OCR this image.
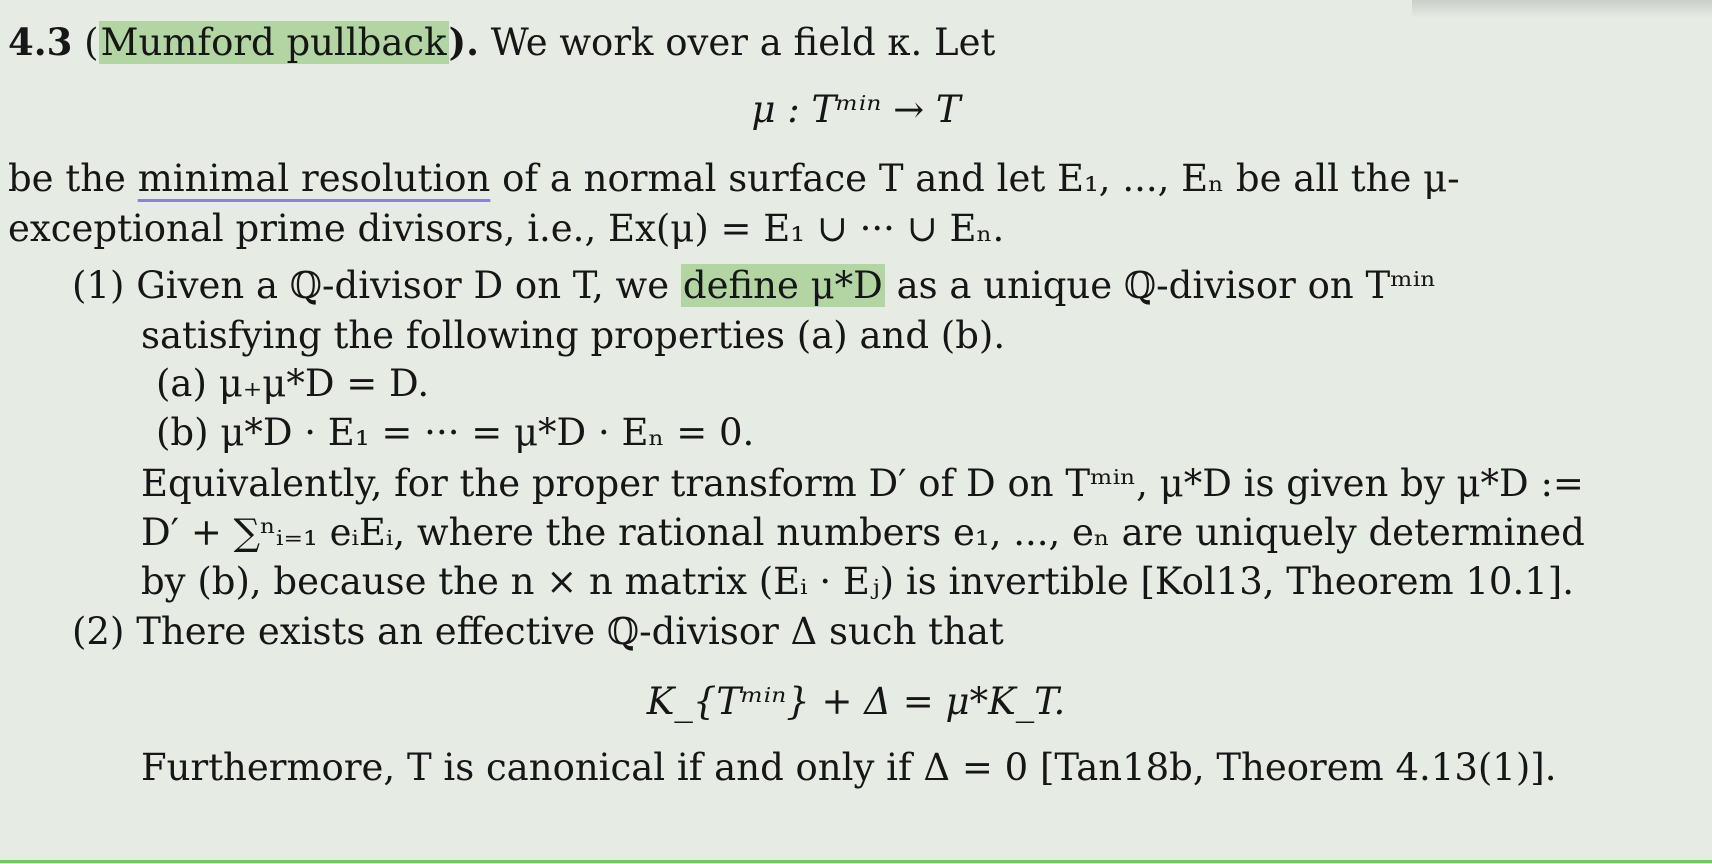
4.3 (Mumford pullback). We work over a field κ. Let
μ : Tᵐⁱⁿ → T
be the minimal resolution of a normal surface T and let E₁, ..., Eₙ be all the μ-
exceptional prime divisors, i.e., Ex(μ) = E₁ ∪ ··· ∪ Eₙ.
(1) Given a ℚ-divisor D on T, we define μ*D as a unique ℚ-divisor on Tᵐⁱⁿ
satisfying the following properties (a) and (b).
(a) μ₊μ*D = D.
(b) μ*D · E₁ = ··· = μ*D · Eₙ = 0.
Equivalently, for the proper transform D′ of D on Tᵐⁱⁿ, μ*D is given by μ*D :=
D′ + ∑ⁿᵢ₌₁ eᵢEᵢ, where the rational numbers e₁, ..., eₙ are uniquely determined
by (b), because the n × n matrix (Eᵢ · Eⱼ) is invertible [Kol13, Theorem 10.1].
(2) There exists an effective ℚ-divisor Δ such that
K_{Tᵐⁱⁿ} + Δ = μ*K_T.
Furthermore, T is canonical if and only if Δ = 0 [Tan18b, Theorem 4.13(1)].
